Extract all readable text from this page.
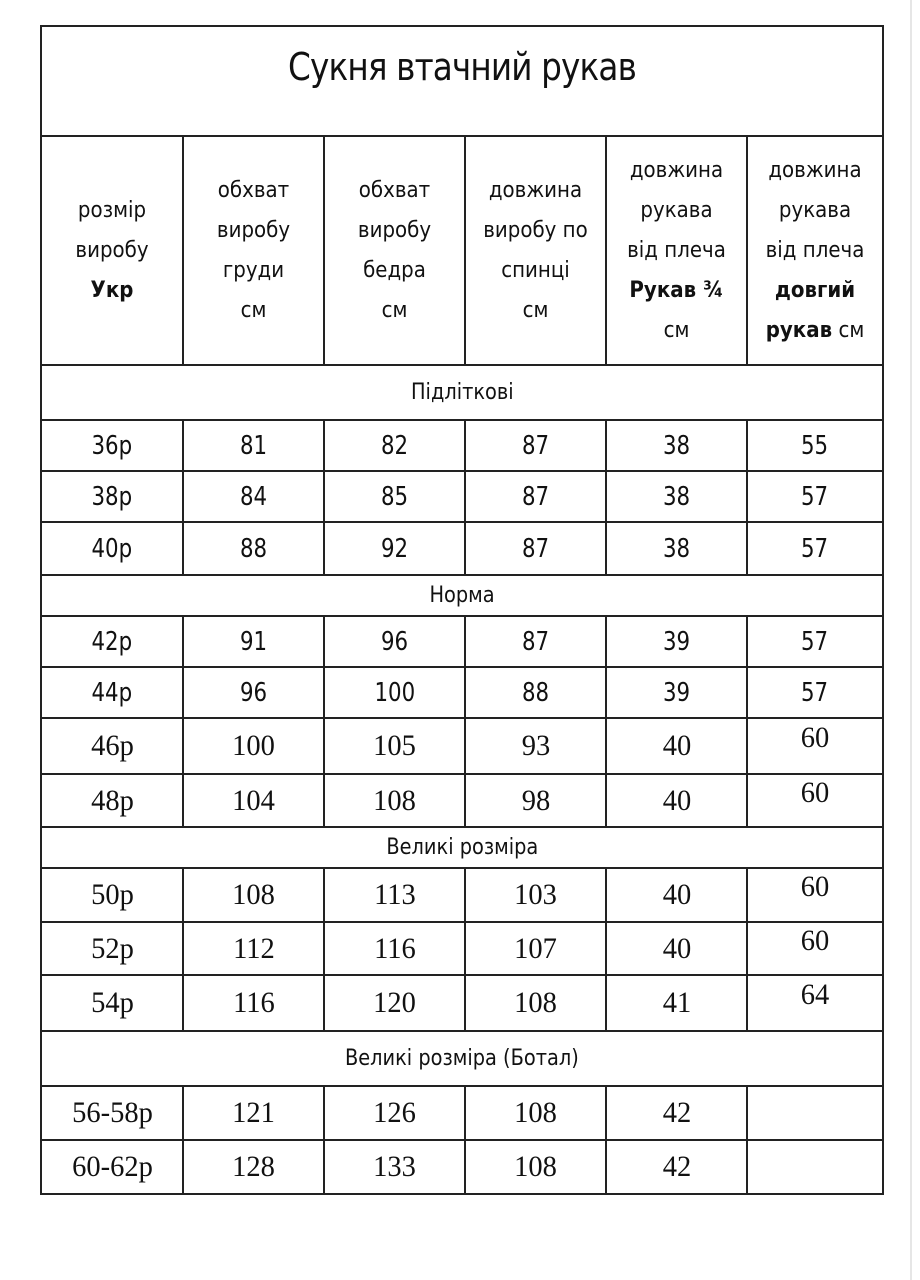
Сукня втачний рукав					

розмір
виробу
Укр	обхват
виробу
груди
см	обхват
виробу
бедра
см	довжина
виробу по
спинці
см	довжина
рукава
від плеча
Рукав ¾
см	довжина
рукава
від плеча
довгий
рукав см

Підліткові					
36р	81	82	87	38	55
38р	84	85	87	38	57
40р	88	92	87	38	57
Норма					
42р	91	96	87	39	57
44р	96	100	88	39	57
46р	100	105	93	40	60
48р	104	108	98	40	60
Великі розміра					
50р	108	113	103	40	60
52р	112	116	107	40	60
54р	116	120	108	41	64
Великі розміра (Ботал)					
56-58р	121	126	108	42	
60-62р	128	133	108	42	
